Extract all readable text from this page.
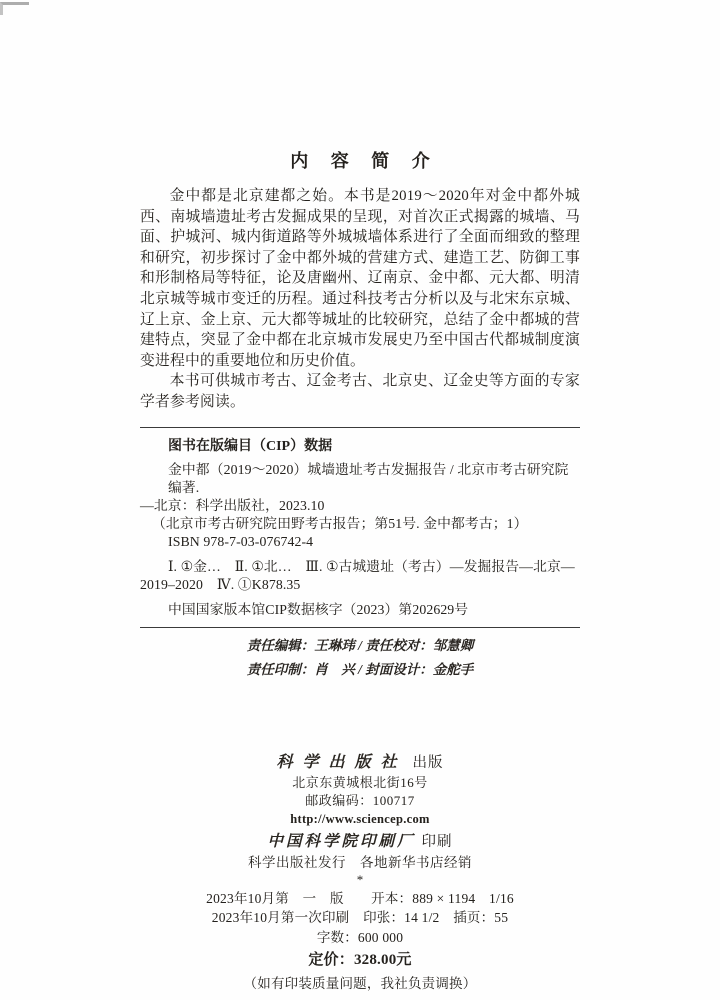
内 容 简 介

金中都是北京建都之始。本书是2019～2020年对金中都外城西、南城墙遗址考古发掘成果的呈现，对首次正式揭露的城墙、马面、护城河、城内街道路等外城城墙体系进行了全面而细致的整理和研究，初步探讨了金中都外城的营建方式、建造工艺、防御工事和形制格局等特征，论及唐幽州、辽南京、金中都、元大都、明清北京城等城市变迁的历程。通过科技考古分析以及与北宋东京城、辽上京、金上京、元大都等城址的比较研究，总结了金中都城的营建特点，突显了金中都在北京城市发展史乃至中国古代都城制度演变进程中的重要地位和历史价值。

本书可供城市考古、辽金考古、北京史、辽金史等方面的专家学者参考阅读。

图书在版编目（CIP）数据
金中都（2019～2020）城墙遗址考古发掘报告 / 北京市考古研究院编著.
—北京：科学出版社，2023.10
（北京市考古研究院田野考古报告；第51号. 金中都考古；1）
ISBN 978-7-03-076742-4
Ⅰ. ①金…　Ⅱ. ①北…　Ⅲ. ①古城遗址（考古）—发掘报告—北京—
2019–2020　Ⅳ. ①K878.35
中国国家版本馆CIP数据核字（2023）第202629号
责任编辑：王琳玮 / 责任校对：邹慧卿
责任印制：肖　兴 / 封面设计：金舵手
科学出版社 出版
北京东黄城根北街16号
邮政编码：100717
http://www.sciencep.com
中国科学院印刷厂 印刷
科学出版社发行　各地新华书店经销
*
2023年10月第　一　版　　开本：889 × 1194　1/16
2023年10月第一次印刷　印张：14 1/2　插页：55
字数：600 000
定价：328.00元
（如有印装质量问题，我社负责调换）
